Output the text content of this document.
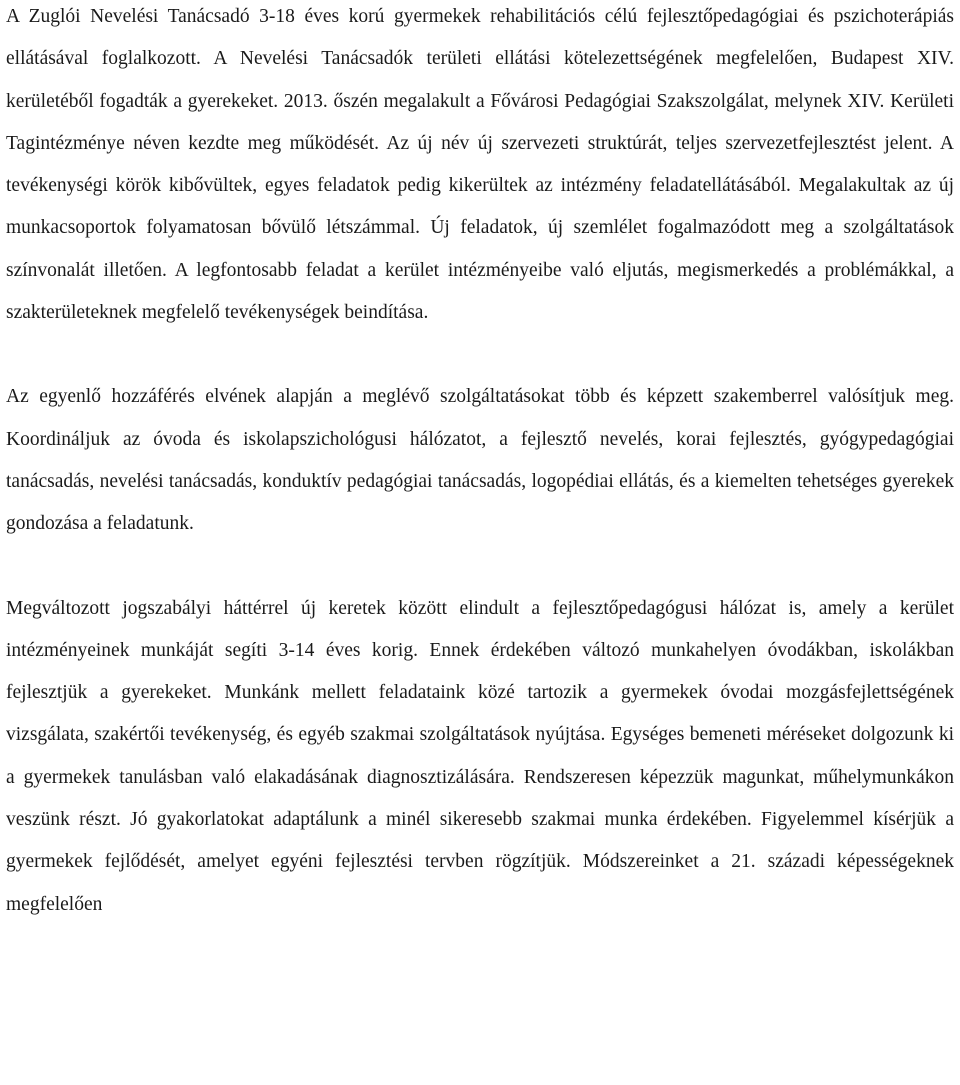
A Zuglói Nevelési Tanácsadó 3-18 éves korú gyermekek rehabilitációs célú fejlesztőpedagógiai és pszichoterápiás ellátásával foglalkozott. A Nevelési Tanácsadók területi ellátási kötelezettségének megfelelően, Budapest XIV. kerületéből fogadták a gyerekeket. 2013. őszén megalakult a Fővárosi Pedagógiai Szakszolgálat, melynek XIV. Kerületi Tagintézménye néven kezdte meg működését. Az új név új szervezeti struktúrát, teljes szervezetfejlesztést jelent. A tevékenységi körök kibővültek, egyes feladatok pedig kikerültek az intézmény feladatellátásából. Megalakultak az új munkacsoportok folyamatosan bővülő létszámmal. Új feladatok, új szemlélet fogalmazódott meg a szolgáltatások színvonalát illetően. A legfontosabb feladat a kerület intézményeibe való eljutás, megismerkedés a problémákkal, a szakterületeknek megfelelő tevékenységek beindítása.

Az egyenlő hozzáférés elvének alapján a meglévő szolgáltatásokat több és képzett szakemberrel valósítjuk meg. Koordináljuk az óvoda és iskolapszichológusi hálózatot, a fejlesztő nevelés, korai fejlesztés, gyógypedagógiai tanácsadás, nevelési tanácsadás, konduktív pedagógiai tanácsadás, logopédiai ellátás, és a kiemelten tehetséges gyerekek gondozása a feladatunk.

Megváltozott jogszabályi háttérrel új keretek között elindult a fejlesztőpedagógusi hálózat is, amely a kerület intézményeinek munkáját segíti 3-14 éves korig. Ennek érdekében változó munkahelyen óvodákban, iskolákban fejlesztjük a gyerekeket. Munkánk mellett feladataink közé tartozik a gyermekek óvodai mozgásfejlettségének vizsgálata, szakértői tevékenység, és egyéb szakmai szolgáltatások nyújtása. Egységes bemeneti méréseket dolgozunk ki a gyermekek tanulásban való elakadásának diagnosztizálására. Rendszeresen képezzük magunkat, műhelymunkákon veszünk részt. Jó gyakorlatokat adaptálunk a minél sikeresebb szakmai munka érdekében. Figyelemmel kísérjük a gyermekek fejlődését, amelyet egyéni fejlesztési tervben rögzítjük. Módszereinket a 21. századi képességeknek megfelelően
